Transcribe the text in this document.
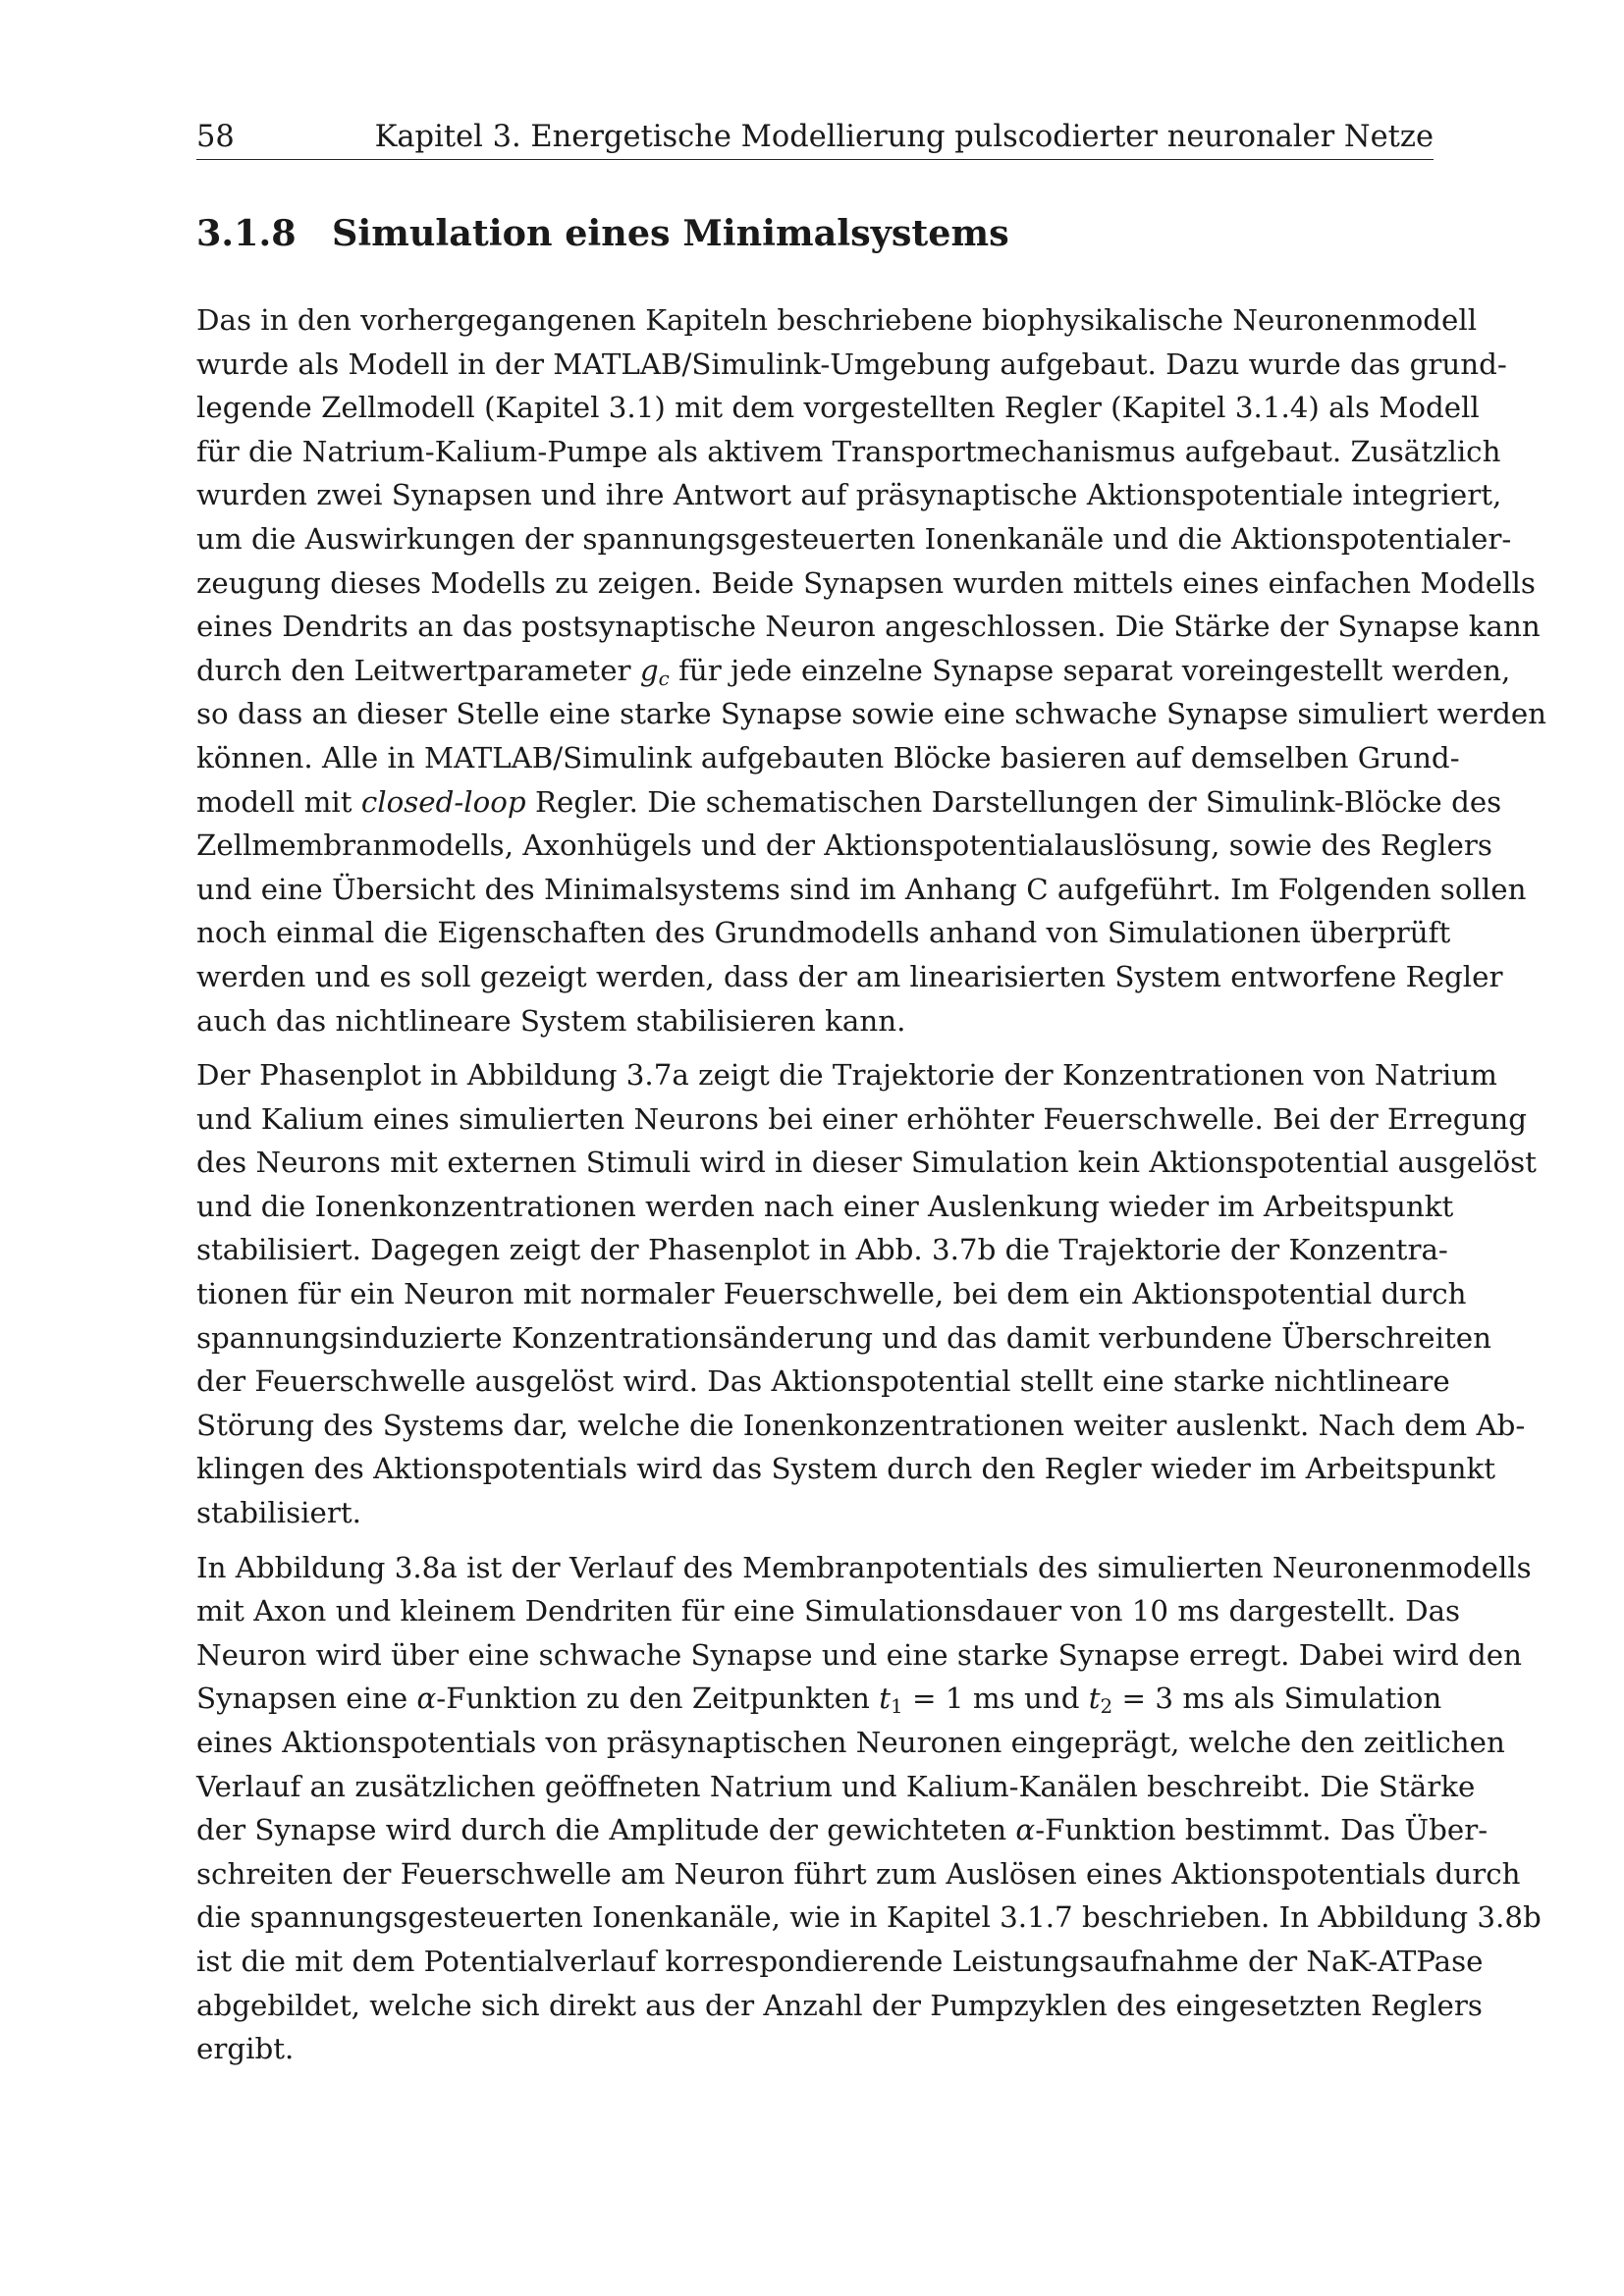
58	Kapitel 3. Energetische Modellierung pulscodierter neuronaler Netze
3.1.8 Simulation eines Minimalsystems
Das in den vorhergegangenen Kapiteln beschriebene biophysikalische Neuronenmodell
wurde als Modell in der MATLAB/Simulink-Umgebung aufgebaut. Dazu wurde das grund-
legende Zellmodell (Kapitel 3.1) mit dem vorgestellten Regler (Kapitel 3.1.4) als Modell
für die Natrium-Kalium-Pumpe als aktivem Transportmechanismus aufgebaut. Zusätzlich
wurden zwei Synapsen und ihre Antwort auf präsynaptische Aktionspotentiale integriert,
um die Auswirkungen der spannungsgesteuerten Ionenkanäle und die Aktionspotentialer-
zeugung dieses Modells zu zeigen. Beide Synapsen wurden mittels eines einfachen Modells
eines Dendrits an das postsynaptische Neuron angeschlossen. Die Stärke der Synapse kann
durch den Leitwertparameter $g_c$ für jede einzelne Synapse separat voreingestellt werden,
so dass an dieser Stelle eine starke Synapse sowie eine schwache Synapse simuliert werden
können. Alle in MATLAB/Simulink aufgebauten Blöcke basieren auf demselben Grund-
modell mit closed-loop Regler. Die schematischen Darstellungen der Simulink-Blöcke des
Zellmembranmodells, Axonhügels und der Aktionspotentialauslösung, sowie des Reglers
und eine Übersicht des Minimalsystems sind im Anhang C aufgeführt. Im Folgenden sollen
noch einmal die Eigenschaften des Grundmodells anhand von Simulationen überprüft
werden und es soll gezeigt werden, dass der am linearisierten System entworfene Regler
auch das nichtlineare System stabilisieren kann.
Der Phasenplot in Abbildung 3.7a zeigt die Trajektorie der Konzentrationen von Natrium
und Kalium eines simulierten Neurons bei einer erhöhter Feuerschwelle. Bei der Erregung
des Neurons mit externen Stimuli wird in dieser Simulation kein Aktionspotential ausgelöst
und die Ionenkonzentrationen werden nach einer Auslenkung wieder im Arbeitspunkt
stabilisiert. Dagegen zeigt der Phasenplot in Abb. 3.7b die Trajektorie der Konzentra-
tionen für ein Neuron mit normaler Feuerschwelle, bei dem ein Aktionspotential durch
spannungsinduzierte Konzentrationsänderung und das damit verbundene Überschreiten
der Feuerschwelle ausgelöst wird. Das Aktionspotential stellt eine starke nichtlineare
Störung des Systems dar, welche die Ionenkonzentrationen weiter auslenkt. Nach dem Ab-
klingen des Aktionspotentials wird das System durch den Regler wieder im Arbeitspunkt
stabilisiert.
In Abbildung 3.8a ist der Verlauf des Membranpotentials des simulierten Neuronenmodells
mit Axon und kleinem Dendriten für eine Simulationsdauer von 10 ms dargestellt. Das
Neuron wird über eine schwache Synapse und eine starke Synapse erregt. Dabei wird den
Synapsen eine α-Funktion zu den Zeitpunkten $t_1 = 1$ ms und $t_2 = 3$ ms als Simulation
eines Aktionspotentials von präsynaptischen Neuronen eingeprägt, welche den zeitlichen
Verlauf an zusätzlichen geöffneten Natrium und Kalium-Kanälen beschreibt. Die Stärke
der Synapse wird durch die Amplitude der gewichteten α-Funktion bestimmt. Das Über-
schreiten der Feuerschwelle am Neuron führt zum Auslösen eines Aktionspotentials durch
die spannungsgesteuerten Ionenkanäle, wie in Kapitel 3.1.7 beschrieben. In Abbildung 3.8b
ist die mit dem Potentialverlauf korrespondierende Leistungsaufnahme der NaK-ATPase
abgebildet, welche sich direkt aus der Anzahl der Pumpzyklen des eingesetzten Reglers
ergibt.
